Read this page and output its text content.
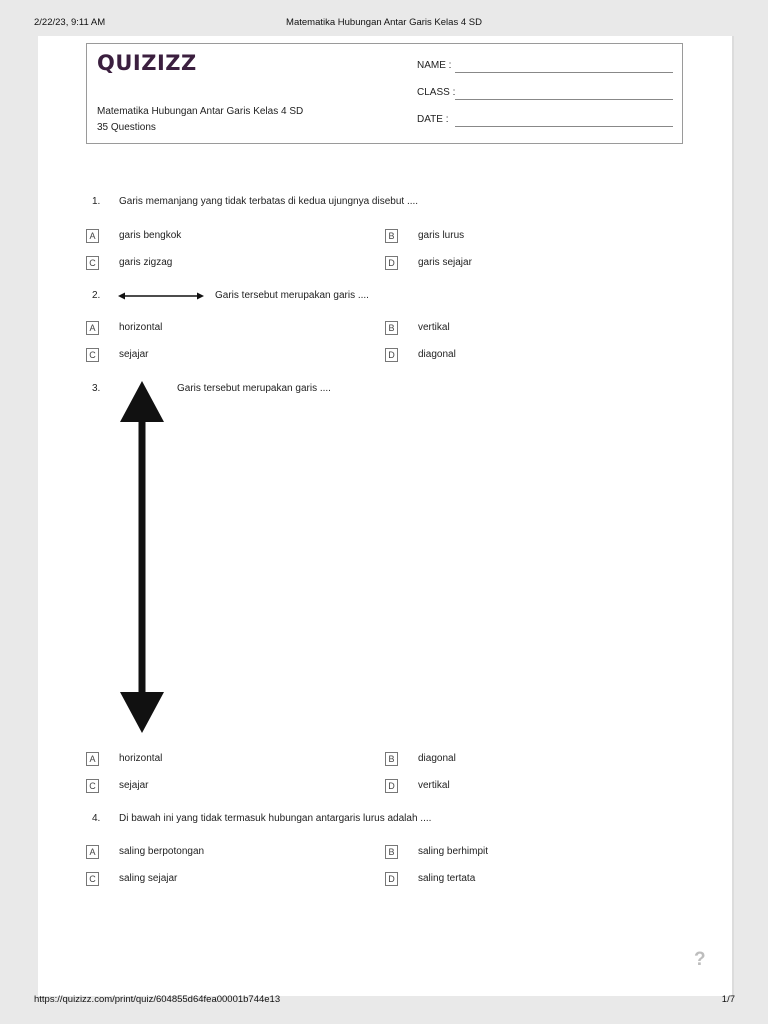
2/22/23, 9:11 AM	Matematika Hubungan Antar Garis Kelas 4 SD
QUIZIZZ
Matematika Hubungan Antar Garis Kelas 4 SD
35 Questions
NAME :
CLASS :
DATE :
1. Garis memanjang yang tidak terbatas di kedua ujungnya disebut ....
A	garis bengkok	B	garis lurus
C	garis zigzag	D	garis sejajar
2.	Garis tersebut merupakan garis ....
A	horizontal	B	vertikal
C	sejajar	D	diagonal
3.	Garis tersebut merupakan garis ....
A	horizontal	B	diagonal
C	sejajar	D	vertikal
4. Di bawah ini yang tidak termasuk hubungan antargaris lurus adalah ....
A	saling berpotongan	B	saling berhimpit
C	saling sejajar	D	saling tertata
?
https://quizizz.com/print/quiz/604855d64fea00001b744e13	1/7
